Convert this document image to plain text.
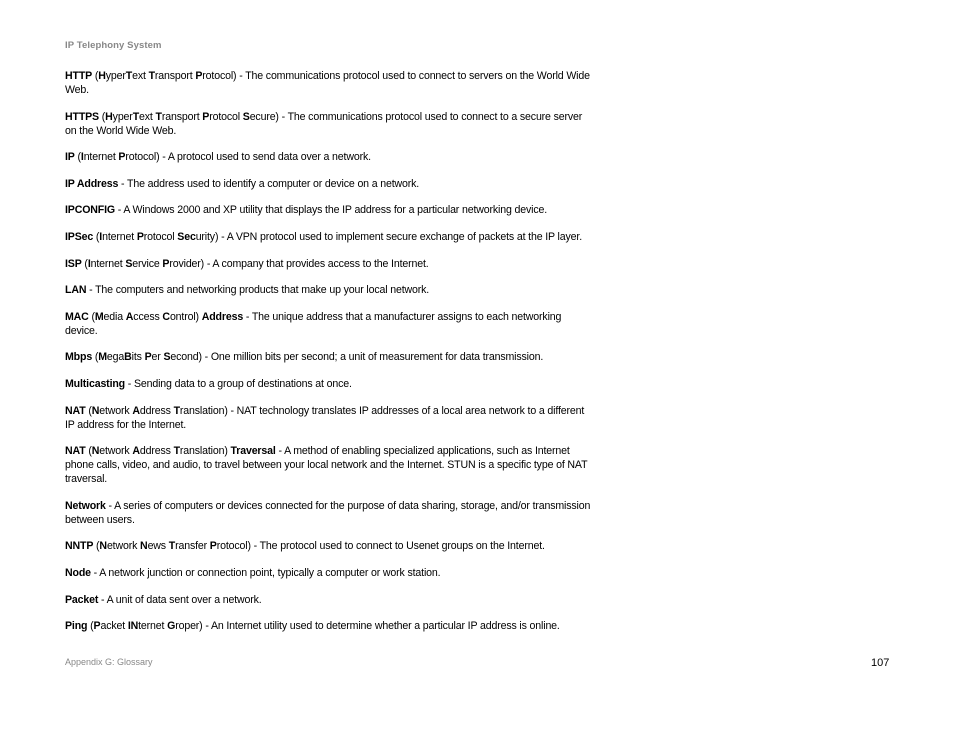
IP Telephony System

HTTP (HyperText Transport Protocol) - The communications protocol used to connect to servers on the World Wide Web.

HTTPS (HyperText Transport Protocol Secure) - The communications protocol used to connect to a secure server on the World Wide Web.

IP (Internet Protocol) - A protocol used to send data over a network.

IP Address - The address used to identify a computer or device on a network.

IPCONFIG - A Windows 2000 and XP utility that displays the IP address for a particular networking device.

IPSec (Internet Protocol Security) - A VPN protocol used to implement secure exchange of packets at the IP layer.

ISP (Internet Service Provider) - A company that provides access to the Internet.

LAN - The computers and networking products that make up your local network.

MAC (Media Access Control) Address - The unique address that a manufacturer assigns to each networking device.

Mbps (MegaBits Per Second) - One million bits per second; a unit of measurement for data transmission.

Multicasting - Sending data to a group of destinations at once.

NAT (Network Address Translation) - NAT technology translates IP addresses of a local area network to a different IP address for the Internet.

NAT (Network Address Translation) Traversal - A method of enabling specialized applications, such as Internet phone calls, video, and audio, to travel between your local network and the Internet. STUN is a specific type of NAT traversal.

Network - A series of computers or devices connected for the purpose of data sharing, storage, and/or transmission between users.

NNTP (Network News Transfer Protocol) - The protocol used to connect to Usenet groups on the Internet.

Node - A network junction or connection point, typically a computer or work station.

Packet - A unit of data sent over a network.

Ping (Packet INternet Groper) - An Internet utility used to determine whether a particular IP address is online.

Appendix G: Glossary	107
